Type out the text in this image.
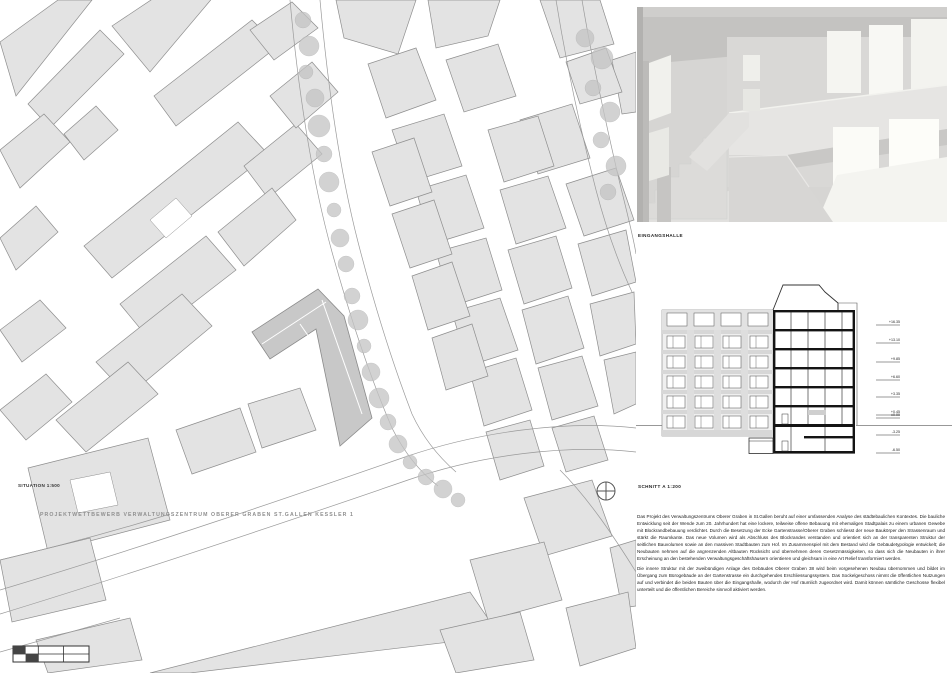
SITUATION 1:500
PROJEKTWETTBEWERB VERWALTUNGSZENTRUM OBERER GRABEN ST.GALLEN KESSLER 1
EINGANGSHALLE
+16.35
+13.10
+9.85
+6.60
+3.35
+0.45
±0.00
-3.25
-6.50
SCHNITT A 1:200

Das Projekt des Verwaltungszentrums Oberer Graben in St.Gallen beruht auf einer umfassenden Analyse des städtebaulichen Kontextes. Die bauliche Entwicklung seit der Wende zum 20. Jahrhundert hat eine lockere, teilweise offene Bebauung mit ehemaligen Stadtpalais zu einem urbanen Gewebe mit Blockrandbebauung verdichtet. Durch die Besetzung der Ecke Gartenstrasse/Oberer Graben schliesst der neue Baukörper den Strassenraum und stärkt die Raumkante. Das neue Volumen wird als Abschluss des Blockrandes verstanden und orientiert sich an der transparenten Struktur der seitlichen Bauvolumen sowie an den massiven Stadtbauten zum Hof. Im Zusammenspiel mit dem Bestand wird die Gebäudetypologie entwickelt; die Neubauten nehmen auf die angrenzenden Altbauten Rücksicht und übernehmen deren Gesetzmässigkeiten, so dass sich die Neubauten in ihrer Erscheinung an den bestehenden Verwaltungsgeschäftshäusern orientieren und gleichsam in eine Art Relief transformiert werden.

Die innere Struktur mit der zweibündigen Anlage des Gebäudes Oberer Graben 38 wird beim vorgesehenen Neubau übernommen und bildet im Übergang zum Bürogebäude an der Gartenstrasse ein durchgehendes Erschliessungssystem. Das Sockelgeschoss nimmt die öffentlichen Nutzungen auf und verbindet die beiden Bauten über die Eingangshalle, wodurch der Hof räumlich zugeordnet wird. Damit können sämtliche Geschosse flexibel unterteilt und die öffentlichen Bereiche sinnvoll aktiviert werden.
